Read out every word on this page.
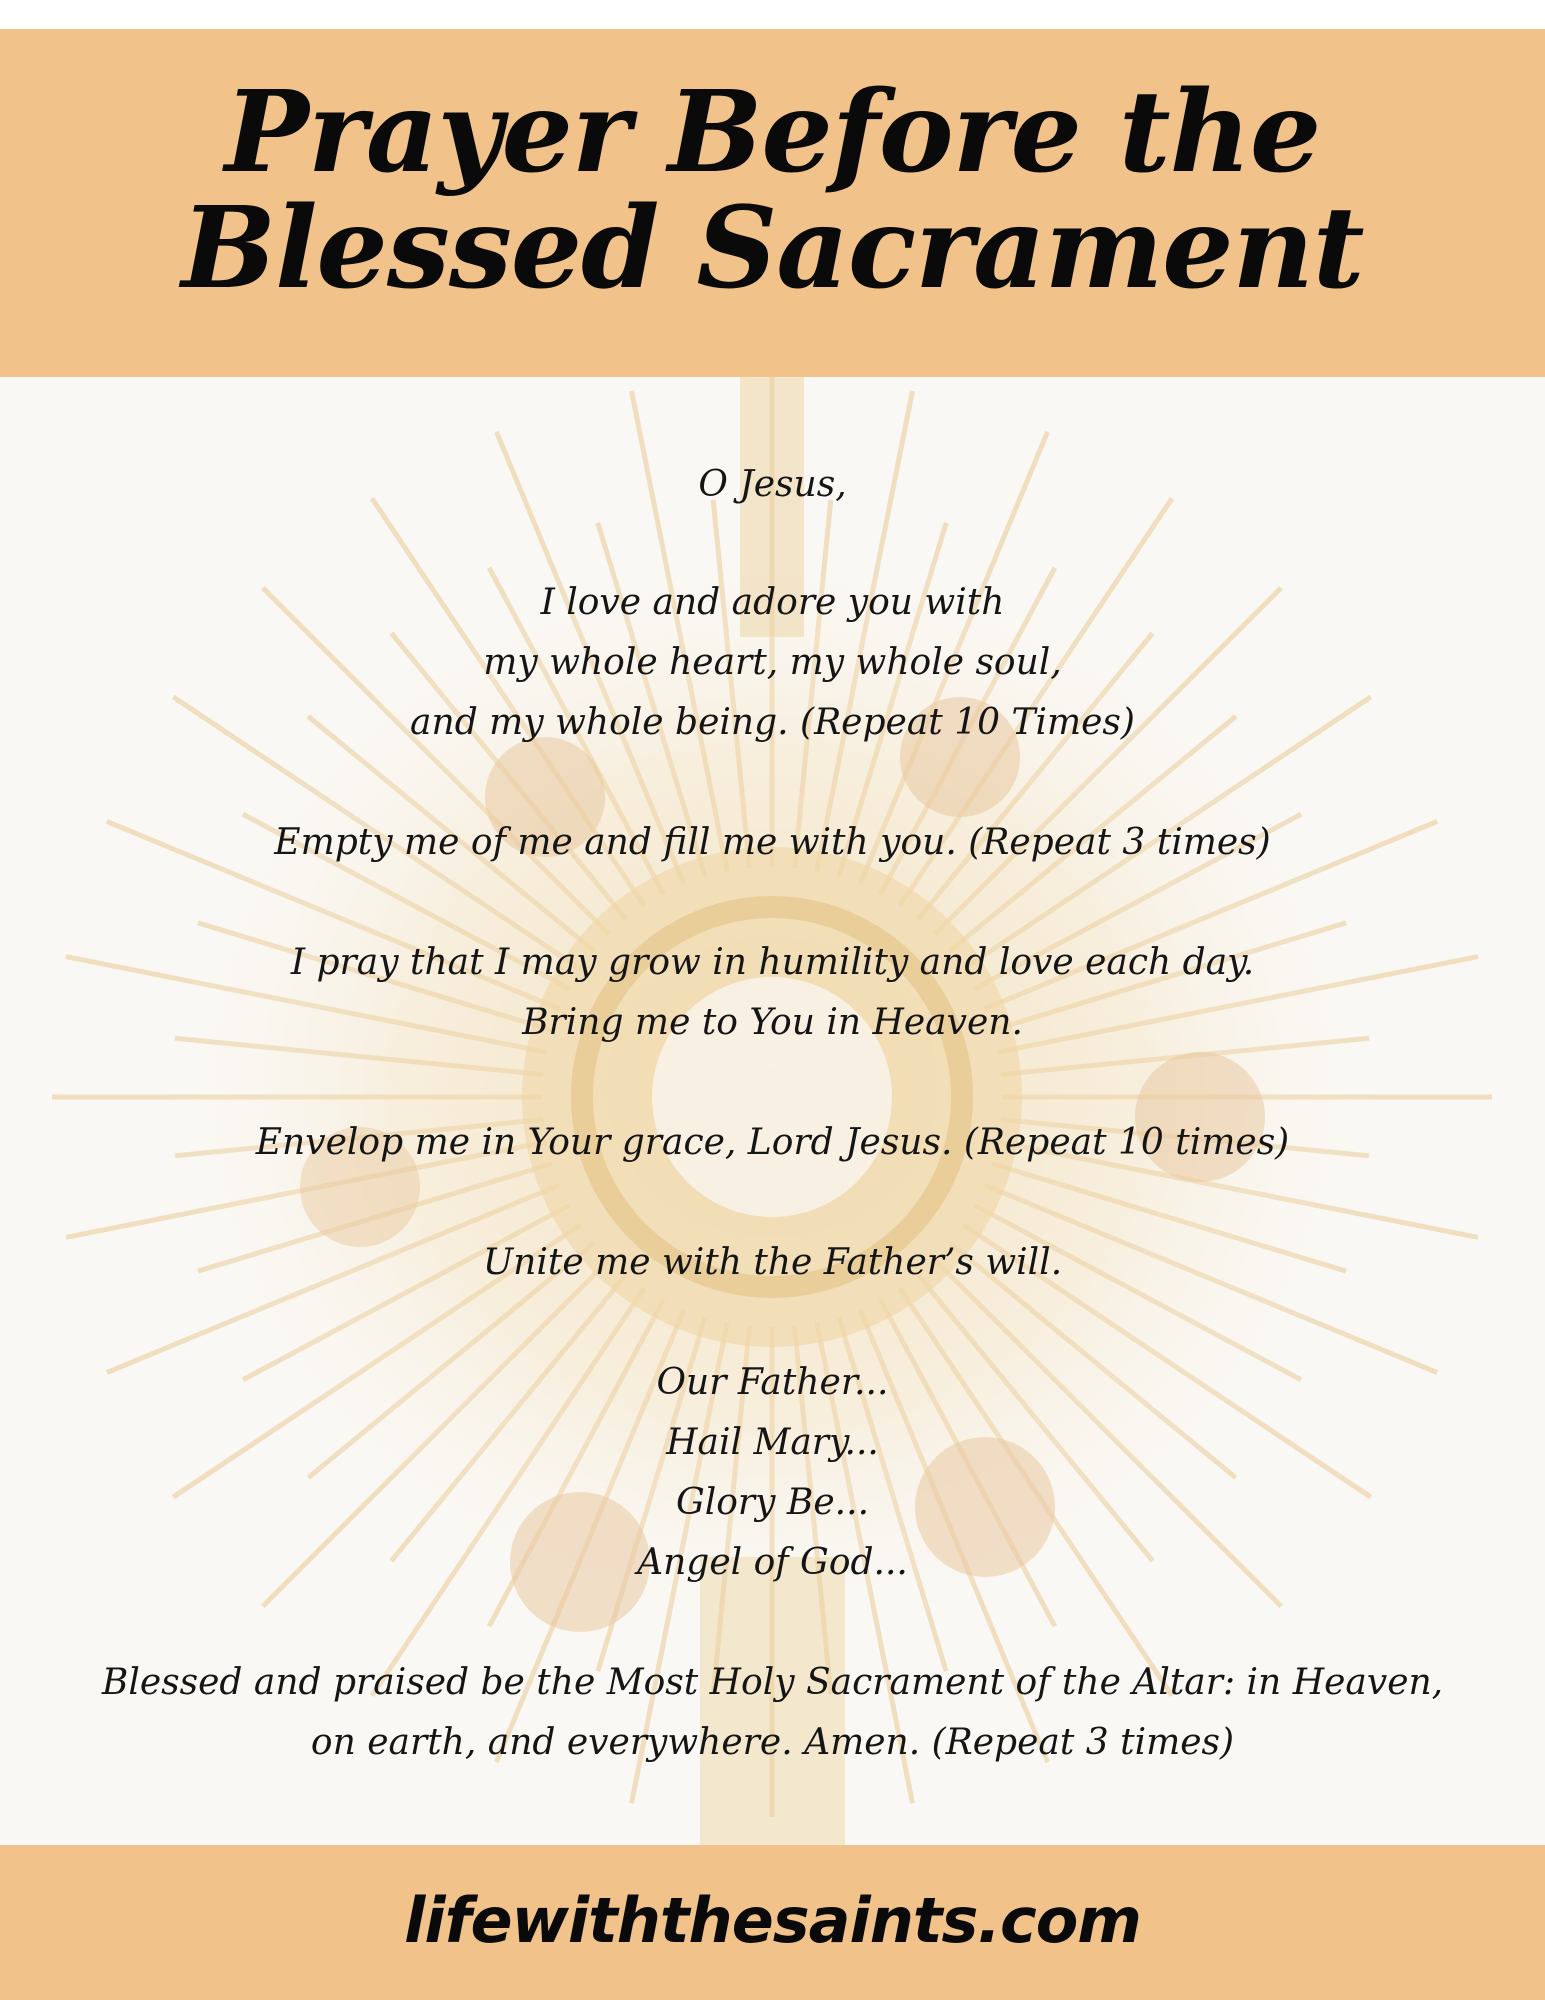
Prayer Before the
Blessed Sacrament
O Jesus,
I love and adore you with
my whole heart, my whole soul,
and my whole being. (Repeat 10 Times)
Empty me of me and fill me with you. (Repeat 3 times)
I pray that I may grow in humility and love each day.
Bring me to You in Heaven.
Envelop me in Your grace, Lord Jesus. (Repeat 10 times)
Unite me with the Father’s will.
Our Father...
Hail Mary...
Glory Be...
Angel of God...
Blessed and praised be the Most Holy Sacrament of the Altar: in Heaven,
on earth, and everywhere. Amen. (Repeat 3 times)
lifewiththesaints.com
